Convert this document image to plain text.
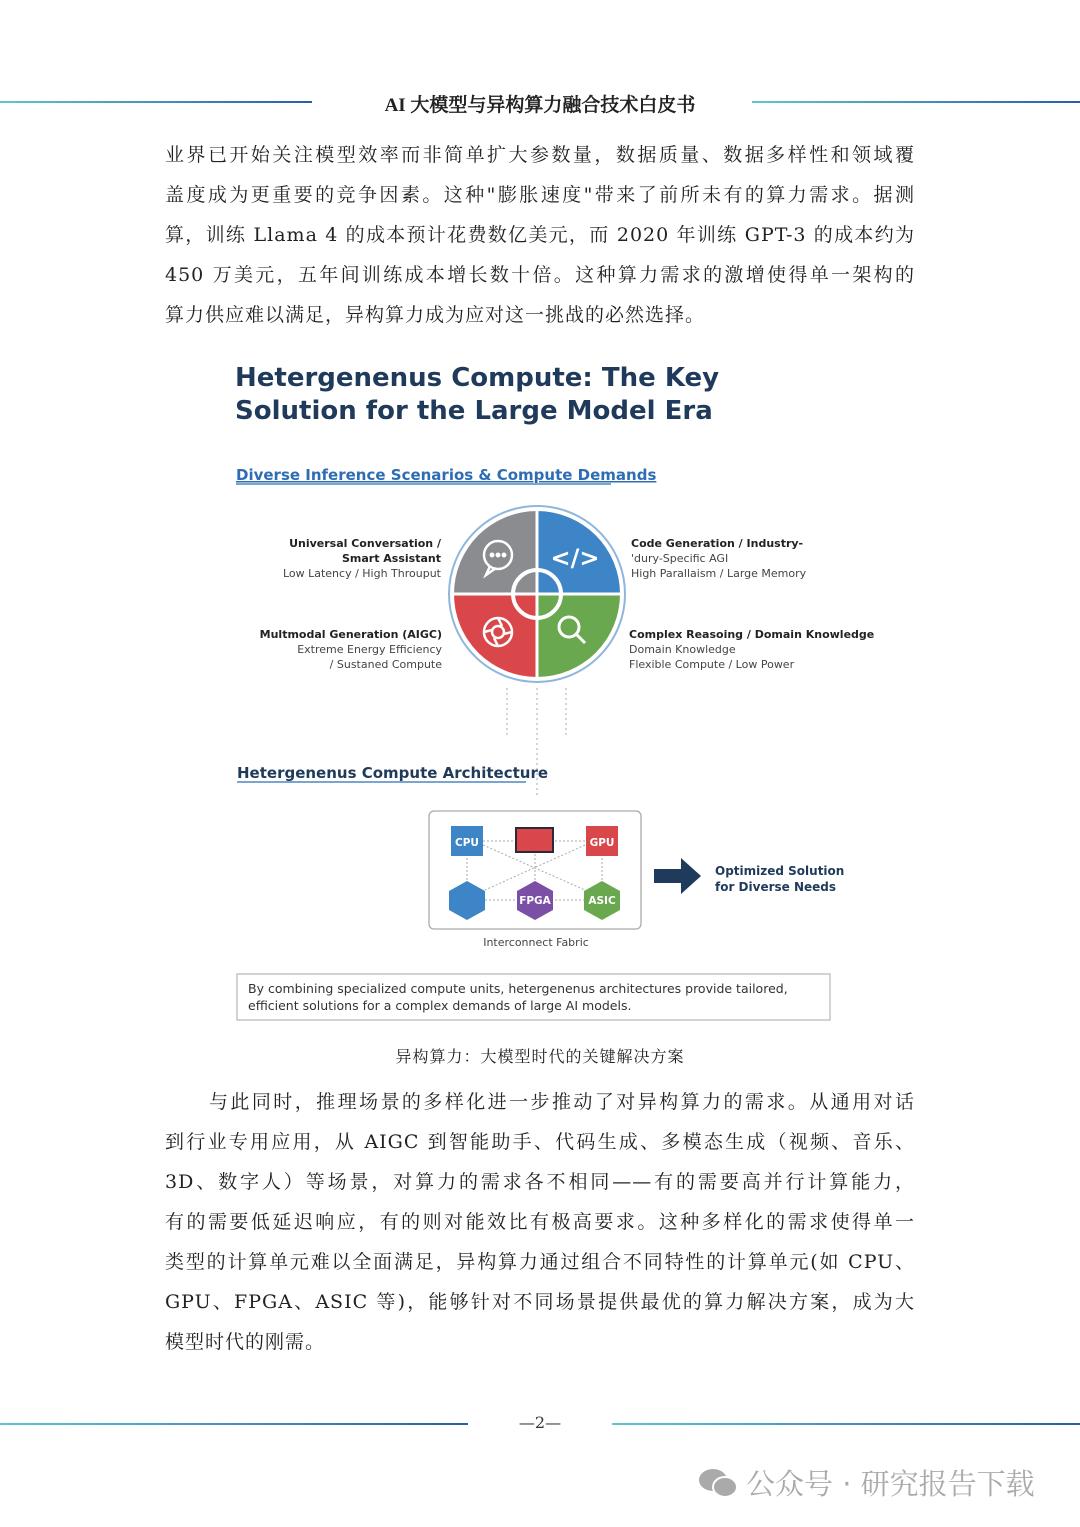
AI 大模型与异构算力融合技术白皮书
业界已开始关注模型效率而非简单扩大参数量，数据质量、数据多样性和领域覆
盖度成为更重要的竞争因素。这种"膨胀速度"带来了前所未有的算力需求。据测
算，训练 Llama 4 的成本预计花费数亿美元，而 2020 年训练 GPT-3 的成本约为
450 万美元，五年间训练成本增长数十倍。这种算力需求的激增使得单一架构的
算力供应难以满足，异构算力成为应对这一挑战的必然选择。
Hetergenenus Compute: The Key
Solution for the Large Model Era
Diverse Inference Scenarios & Compute Demands
</>
Universal Conversation /
Smart Assistant
Low Latency / High Throuput
Code Generation / Industry-
'dury-Specific AGI
High Parallaism / Large Memory
Multmodal Generation (AIGC)
Extreme Energy Efficiency
/ Sustaned Compute
Complex Reasoing / Domain Knowledge
Domain Knowledge
Flexible Compute / Low Power
Hetergenenus Compute Architecture
CPU	GPU
FPGA	ASIC
Interconnect Fabric
Optimized Solution
for Diverse Needs
By combining specialized compute units, hetergenenus architectures provide tailored,
efficient solutions for a complex demands of large AI models.
异构算力：大模型时代的关键解决方案
与此同时，推理场景的多样化进一步推动了对异构算力的需求。从通用对话
到行业专用应用，从 AIGC 到智能助手、代码生成、多模态生成（视频、音乐、
3D、数字人）等场景，对算力的需求各不相同——有的需要高并行计算能力，
有的需要低延迟响应，有的则对能效比有极高要求。这种多样化的需求使得单一
类型的计算单元难以全面满足，异构算力通过组合不同特性的计算单元(如 CPU、
GPU、FPGA、ASIC 等)，能够针对不同场景提供最优的算力解决方案，成为大
模型时代的刚需。
—2—
公众号 · 研究报告下载
